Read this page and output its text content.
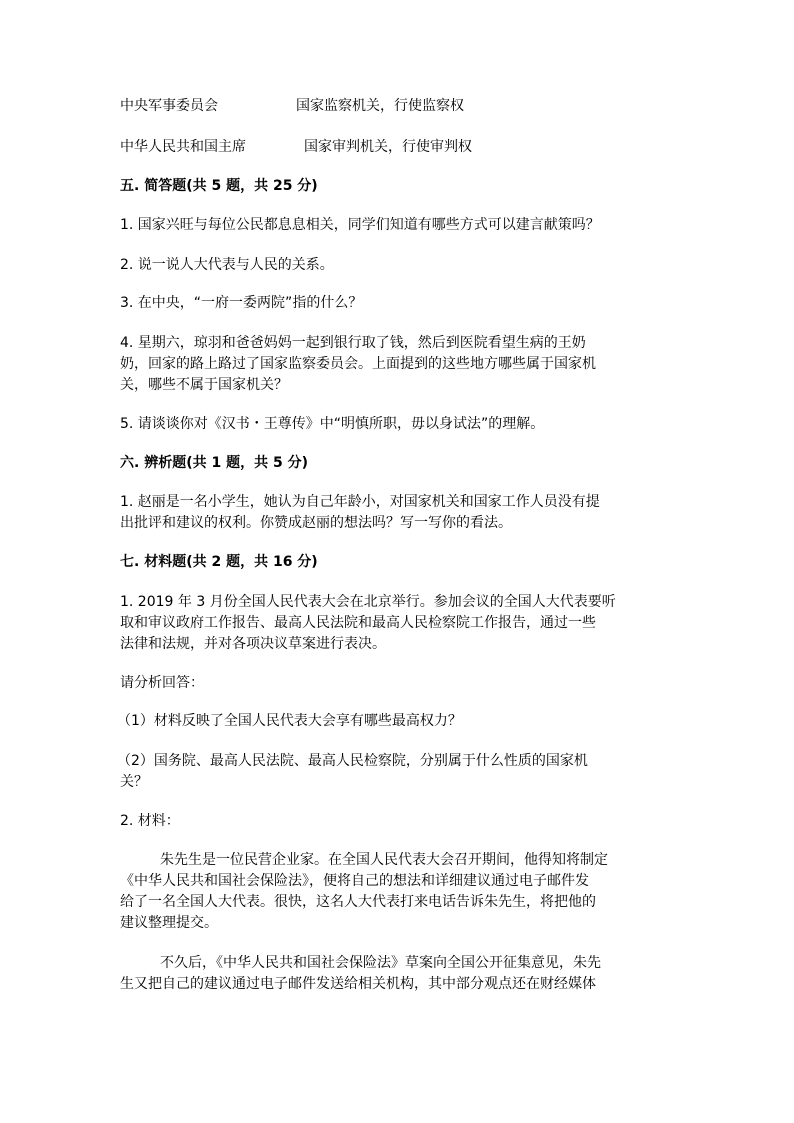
中央军事委员会	国家监察机关，行使监察权
中华人民共和国主席	国家审判机关，行使审判权
五. 简答题(共 5 题，共 25 分)
1. 国家兴旺与每位公民都息息相关，同学们知道有哪些方式可以建言献策吗？
2. 说一说人大代表与人民的关系。
3. 在中央，“一府一委两院”指的什么？
4. 星期六，琼羽和爸爸妈妈一起到银行取了钱，然后到医院看望生病的王奶
奶，回家的路上路过了国家监察委员会。上面提到的这些地方哪些属于国家机
关，哪些不属于国家机关？
5. 请谈谈你对《汉书・王尊传》中“明慎所职，毋以身试法”的理解。
六. 辨析题(共 1 题，共 5 分)
1. 赵丽是一名小学生，她认为自己年龄小，对国家机关和国家工作人员没有提
出批评和建议的权利。你赞成赵丽的想法吗？写一写你的看法。
七. 材料题(共 2 题，共 16 分)
1. 2019 年 3 月份全国人民代表大会在北京举行。参加会议的全国人大代表要听
取和审议政府工作报告、最高人民法院和最高人民检察院工作报告，通过一些
法律和法规，并对各项决议草案进行表决。
请分析回答：
（1）材料反映了全国人民代表大会享有哪些最高权力？
（2）国务院、最高人民法院、最高人民检察院，分别属于什么性质的国家机
关？
2. 材料：
朱先生是一位民营企业家。在全国人民代表大会召开期间，他得知将制定
《中华人民共和国社会保险法》，便将自己的想法和详细建议通过电子邮件发
给了一名全国人大代表。很快，这名人大代表打来电话告诉朱先生，将把他的
建议整理提交。
不久后，《中华人民共和国社会保险法》草案向全国公开征集意见，朱先
生又把自己的建议通过电子邮件发送给相关机构，其中部分观点还在财经媒体
